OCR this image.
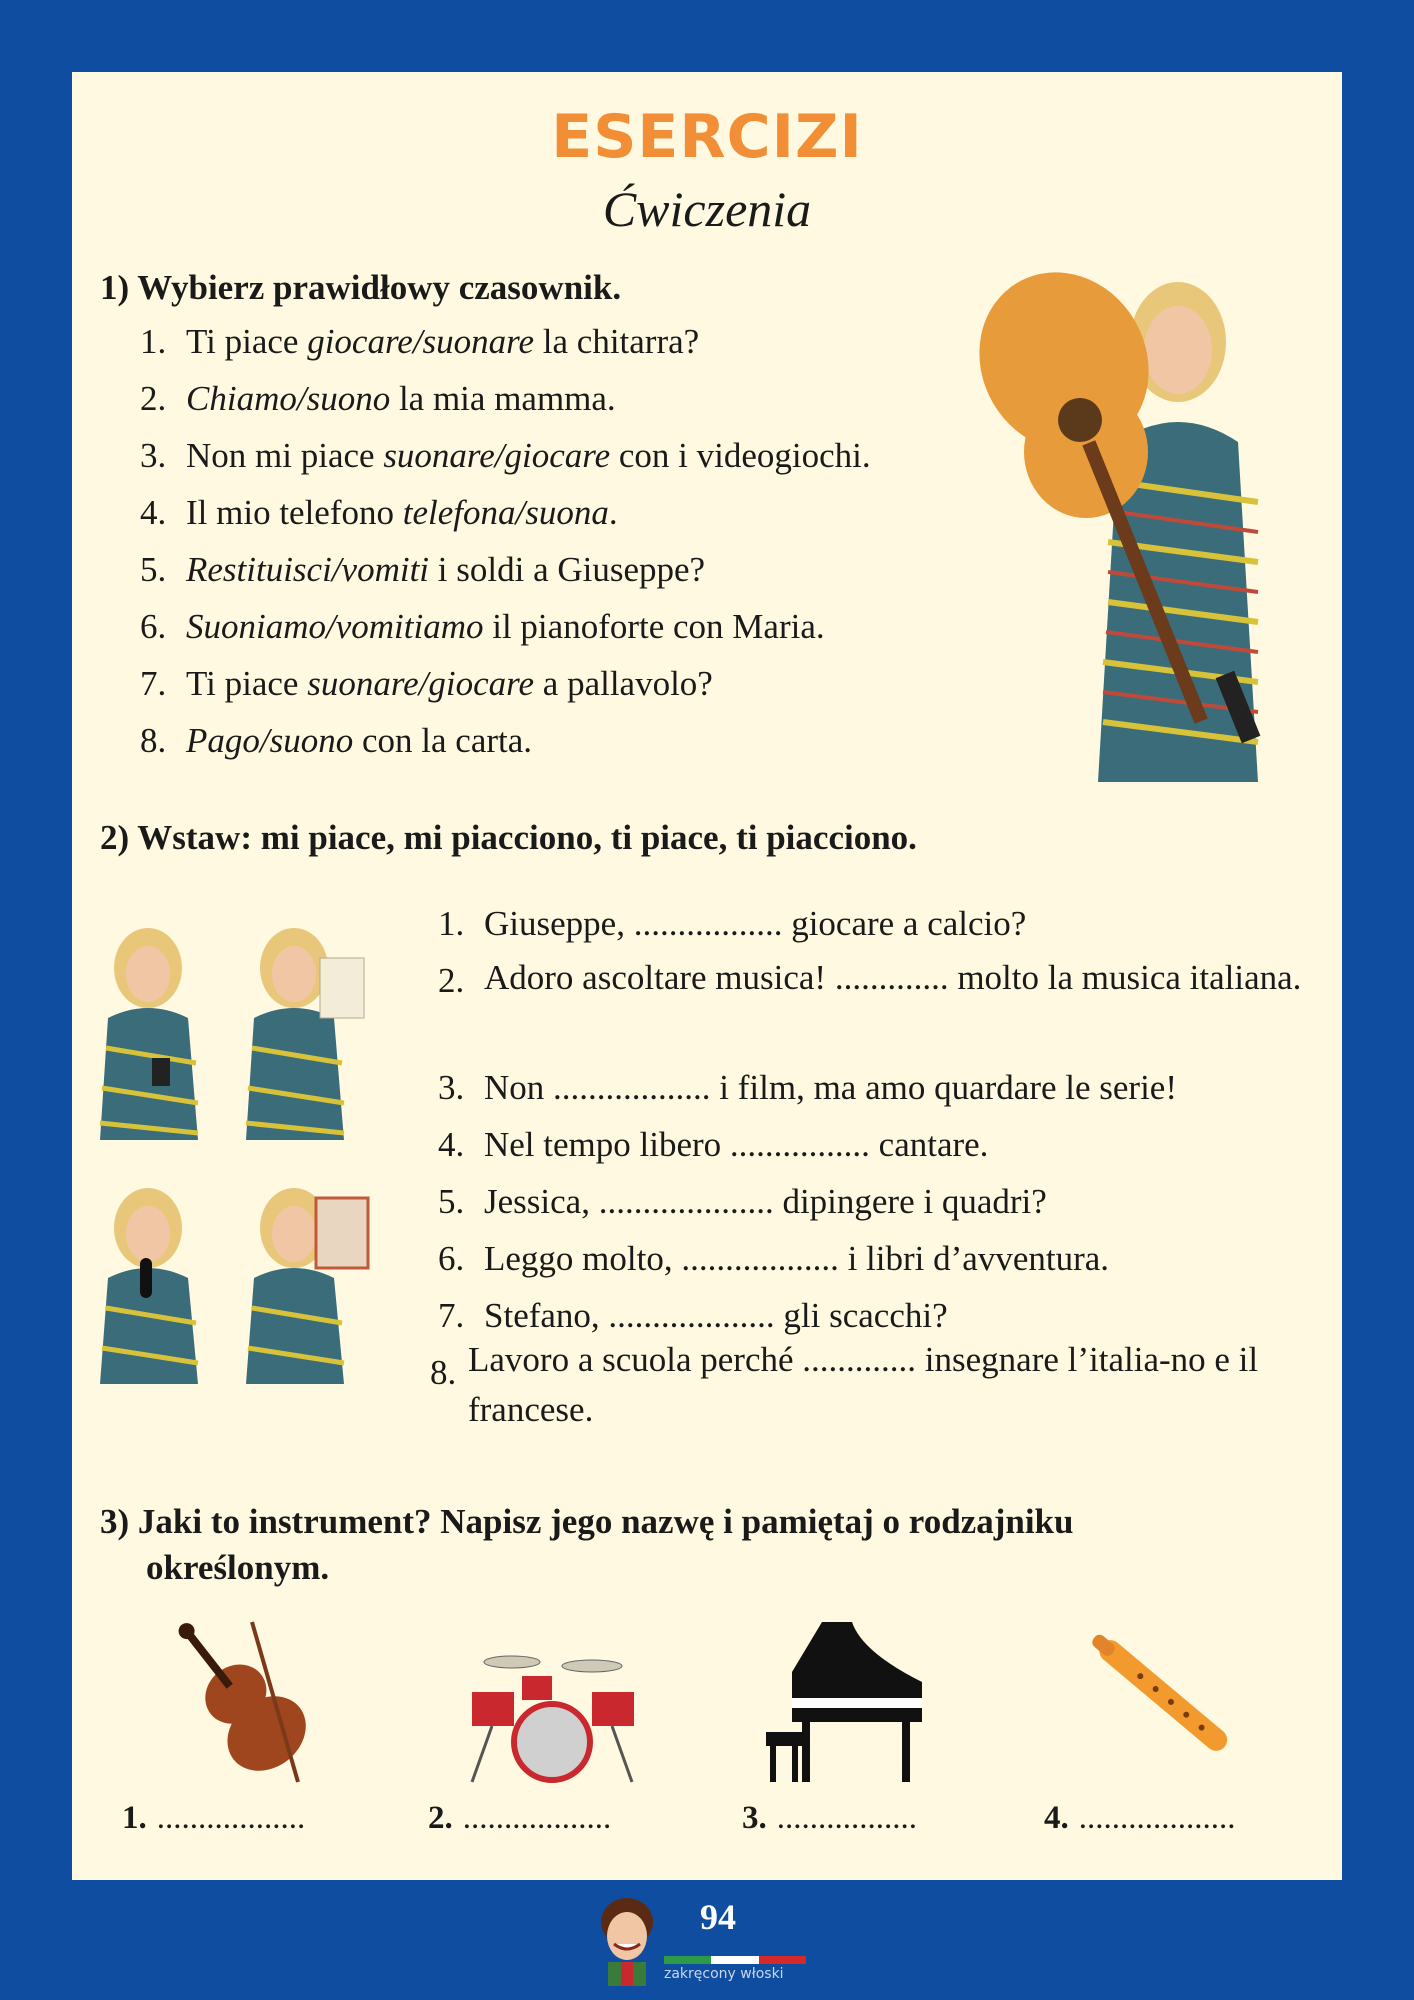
ESERCIZI
Ćwiczenia
1) Wybierz prawidłowy czasownik.
1. Ti piace giocare/suonare la chitarra?
2. Chiamo/suono la mia mamma.
3. Non mi piace suonare/giocare con i videogiochi.
4. Il mio telefono telefona/suona.
5. Restituisci/vomiti i soldi a Giuseppe?
6. Suoniamo/vomitiamo il pianoforte con Maria.
7. Ti piace suonare/giocare a pallavolo?
8. Pago/suono con la carta.
2) Wstaw: mi piace, mi piacciono, ti piace, ti piacciono.
1. Giuseppe, ................. giocare a calcio?
2. Adoro ascoltare musica! ............. molto la musica italiana.
3. Non .................. i film, ma amo quardare le serie!
4. Nel tempo libero ................ cantare.
5. Jessica, .................... dipingere i quadri?
6. Leggo molto, .................. i libri d’avventura.
7. Stefano, ................... gli scacchi?
8. Lavoro a scuola perché ............. insegnare l’italia-no e il francese.
3) Jaki to instrument? Napisz jego nazwę i pamiętaj o rodzajniku
określonym.
1. ..................	2. ..................	3. .................	4. ...................
94
zakręcony włoski
